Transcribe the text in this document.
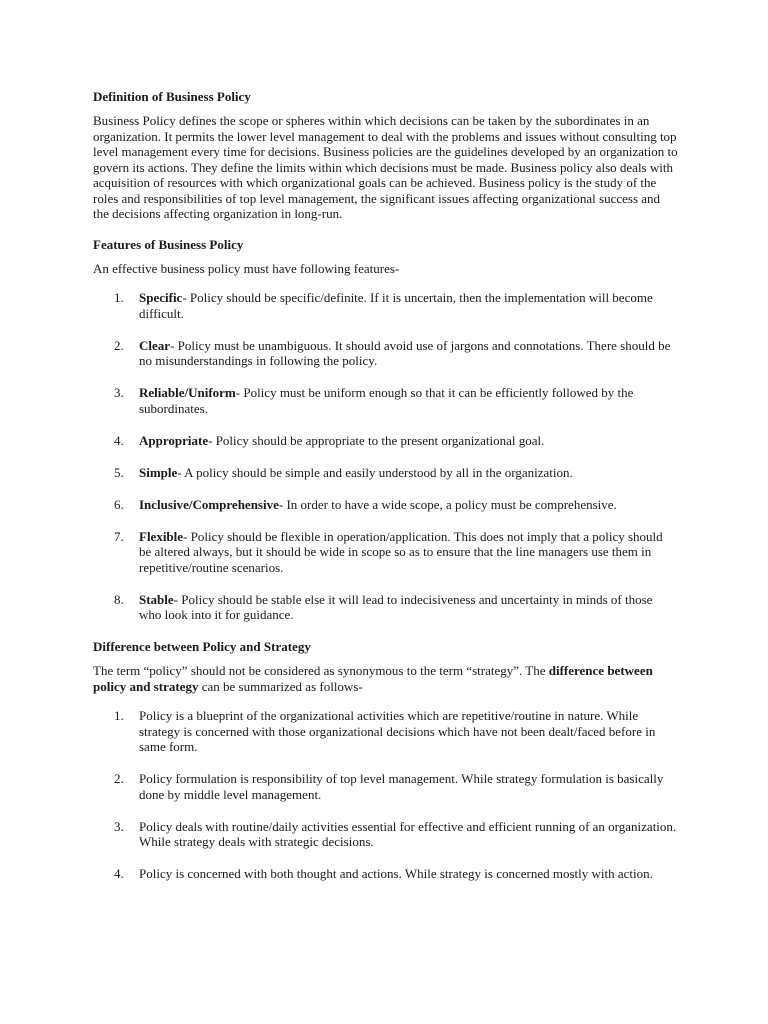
Definition of Business Policy

Business Policy defines the scope or spheres within which decisions can be taken by the subordinates in an organization. It permits the lower level management to deal with the problems and issues without consulting top level management every time for decisions. Business policies are the guidelines developed by an organization to govern its actions. They define the limits within which decisions must be made. Business policy also deals with acquisition of resources with which organizational goals can be achieved. Business policy is the study of the roles and responsibilities of top level management, the significant issues affecting organizational success and the decisions affecting organization in long-run.

Features of Business Policy

An effective business policy must have following features-

1. Specific- Policy should be specific/definite. If it is uncertain, then the implementation will become difficult.
2. Clear- Policy must be unambiguous. It should avoid use of jargons and connotations. There should be no misunderstandings in following the policy.
3. Reliable/Uniform- Policy must be uniform enough so that it can be efficiently followed by the subordinates.
4. Appropriate- Policy should be appropriate to the present organizational goal.
5. Simple- A policy should be simple and easily understood by all in the organization.
6. Inclusive/Comprehensive- In order to have a wide scope, a policy must be comprehensive.
7. Flexible- Policy should be flexible in operation/application. This does not imply that a policy should be altered always, but it should be wide in scope so as to ensure that the line managers use them in repetitive/routine scenarios.
8. Stable- Policy should be stable else it will lead to indecisiveness and uncertainty in minds of those who look into it for guidance.
Difference between Policy and Strategy

The term “policy” should not be considered as synonymous to the term “strategy”. The difference between policy and strategy can be summarized as follows-

1. Policy is a blueprint of the organizational activities which are repetitive/routine in nature. While strategy is concerned with those organizational decisions which have not been dealt/faced before in same form.
2. Policy formulation is responsibility of top level management. While strategy formulation is basically done by middle level management.
3. Policy deals with routine/daily activities essential for effective and efficient running of an organization. While strategy deals with strategic decisions.
4. Policy is concerned with both thought and actions. While strategy is concerned mostly with action.
